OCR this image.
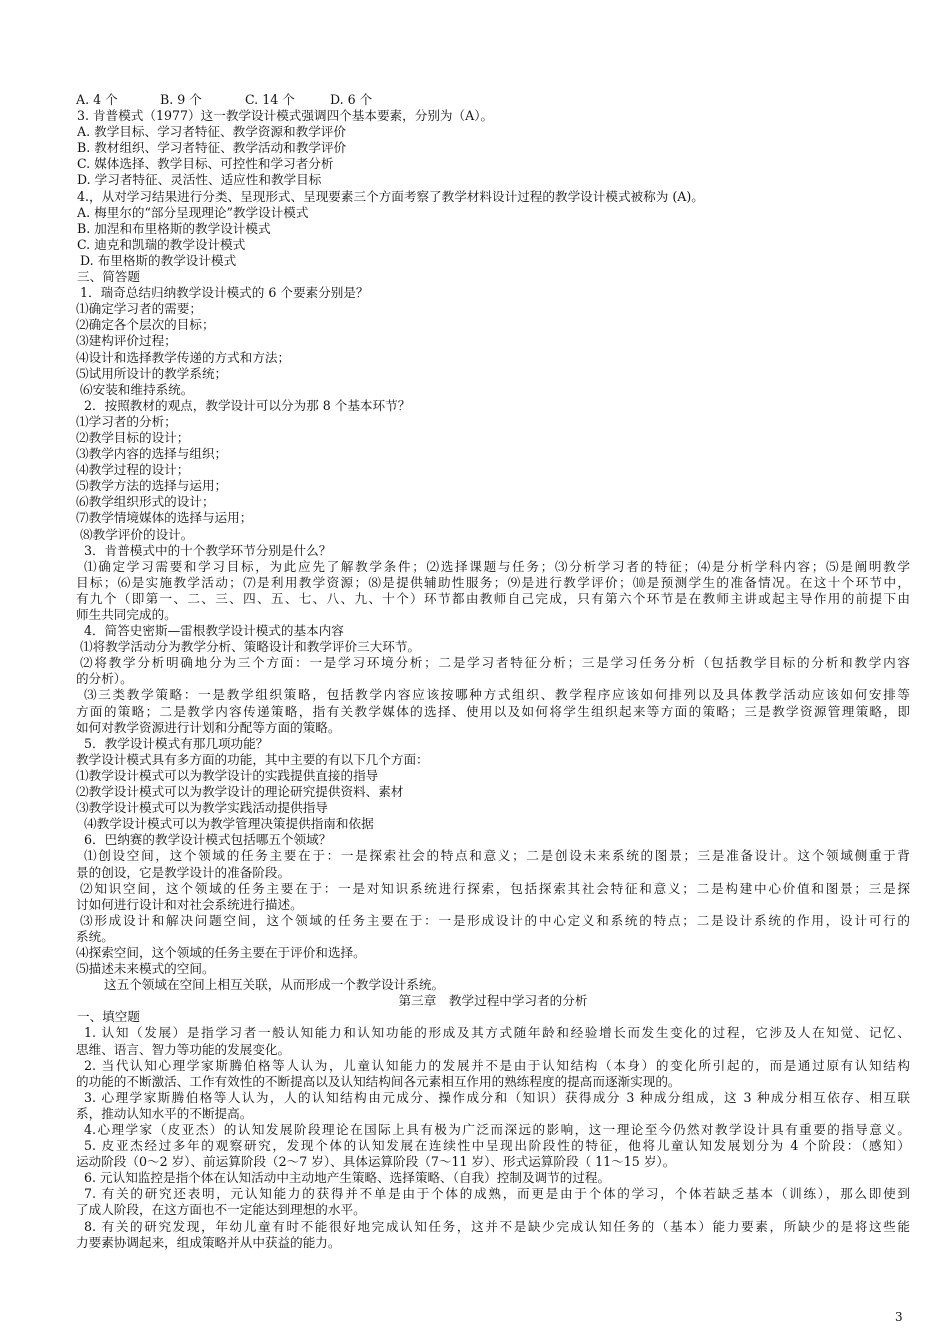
A. 4 个	B. 9 个	C. 14 个	D. 6 个
3. 肯普模式（1977）这一教学设计模式强调四个基本要素，分别为（A）。
A. 教学目标、学习者特征、教学资源和教学评价
B. 教材组织、学习者特征、教学活动和教学评价
C. 媒体选择、教学目标、可控性和学习者分析
D. 学习者特征、灵活性、适应性和教学目标
4.，从对学习结果进行分类、呈现形式、呈现要素三个方面考察了教学材料设计过程的教学设计模式被称为 (A)。
A. 梅里尔的“部分呈现理论”教学设计模式
B. 加涅和布里格斯的教学设计模式
C. 迪克和凯瑞的教学设计模式
D. 布里格斯的教学设计模式
三、简答题
1．瑞奇总结归纳教学设计模式的 6 个要素分别是？
⑴确定学习者的需要；
⑵确定各个层次的目标；
⑶建构评价过程；
⑷设计和选择教学传递的方式和方法；
⑸试用所设计的教学系统；
⑹安装和维持系统。
2．按照教材的观点，教学设计可以分为那 8 个基本环节？
⑴学习者的分析；
⑵教学目标的设计；
⑶教学内容的选择与组织；
⑷教学过程的设计；
⑸教学方法的选择与运用；
⑹教学组织形式的设计；
⑺教学情境媒体的选择与运用；
⑻教学评价的设计。
3．肯普模式中的十个教学环节分别是什么？
⑴确定学习需要和学习目标，为此应先了解教学条件；⑵选择课题与任务；⑶分析学习者的特征；⑷是分析学科内容；⑸是阐明教学
目标；⑹是实施教学活动；⑺是利用教学资源；⑻是提供辅助性服务；⑼是进行教学评价；⑽是预测学生的准备情况。在这十个环节中，
有九个（即第一、二、三、四、五、七、八、九、十个）环节都由教师自己完成，只有第六个环节是在教师主讲或起主导作用的前提下由
师生共同完成的。
4．简答史密斯—雷根教学设计模式的基本内容
⑴将教学活动分为教学分析、策略设计和教学评价三大环节。
⑵将教学分析明确地分为三个方面：一是学习环境分析；二是学习者特征分析；三是学习任务分析（包括教学目标的分析和教学内容
的分析）。
⑶三类教学策略：一是教学组织策略，包括教学内容应该按哪种方式组织、教学程序应该如何排列以及具体教学活动应该如何安排等
方面的策略；二是教学内容传递策略，指有关教学媒体的选择、使用以及如何将学生组织起来等方面的策略；三是教学资源管理策略，即
如何对教学资源进行计划和分配等方面的策略。
5．教学设计模式有那几项功能？
教学设计模式具有多方面的功能，其中主要的有以下几个方面：
⑴教学设计模式可以为教学设计的实践提供直接的指导
⑵教学设计模式可以为教学设计的理论研究提供资料、素材
⑶教学设计模式可以为教学实践活动提供指导
⑷教学设计模式可以为教学管理决策提供指南和依据
6．巴纳赛的教学设计模式包括哪五个领域？
⑴创设空间，这个领域的任务主要在于：一是探索社会的特点和意义；二是创设未来系统的图景；三是准备设计。这个领域侧重于背
景的创设，它是教学设计的准备阶段。
⑵知识空间，这个领域的任务主要在于：一是对知识系统进行探索，包括探索其社会特征和意义；二是构建中心价值和图景；三是探
讨如何进行设计和对社会系统进行描述。
⑶形成设计和解决问题空间，这个领域的任务主要在于：一是形成设计的中心定义和系统的特点；二是设计系统的作用，设计可行的
系统。
⑷探索空间，这个领域的任务主要在于评价和选择。
⑸描述未来模式的空间。
这五个领域在空间上相互关联，从而形成一个教学设计系统。
第三章　教学过程中学习者的分析
一、填空题
1. 认知（发展）是指学习者一般认知能力和认知功能的形成及其方式随年龄和经验增长而发生变化的过程，它涉及人在知觉、记忆、
思维、语言、智力等功能的发展变化。
2. 当代认知心理学家斯腾伯格等人认为，儿童认知能力的发展并不是由于认知结构（本身）的变化所引起的，而是通过原有认知结构
的功能的不断激活、工作有效性的不断提高以及认知结构间各元素相互作用的熟练程度的提高而逐渐实现的。
3. 心理学家斯腾伯格等人认为，人的认知结构由元成分、操作成分和（知识）获得成分 3 种成分组成，这 3 种成分相互依存、相互联
系，推动认知水平的不断提高。
4.心理学家（皮亚杰）的认知发展阶段理论在国际上具有极为广泛而深远的影响，这一理论至今仍然对教学设计具有重要的指导意义。
5. 皮亚杰经过多年的观察研究，发现个体的认知发展在连续性中呈现出阶段性的特征，他将儿童认知发展划分为 4 个阶段：（感知）
运动阶段（0～2 岁）、前运算阶段（2～7 岁）、具体运算阶段（7～11 岁）、形式运算阶段（ 11～15 岁）。
6. 元认知监控是指个体在认知活动中主动地产生策略、选择策略、（自我）控制及调节的过程。
7. 有关的研究还表明，元认知能力的获得并不单是由于个体的成熟，而更是由于个体的学习，个体若缺乏基本（训练），那么即使到
了成人阶段，在这方面也不一定能达到理想的水平。
8. 有关的研究发现，年幼儿童有时不能很好地完成认知任务，这并不是缺少完成认知任务的（基本）能力要素，所缺少的是将这些能
力要素协调起来，组成策略并从中获益的能力。
3
